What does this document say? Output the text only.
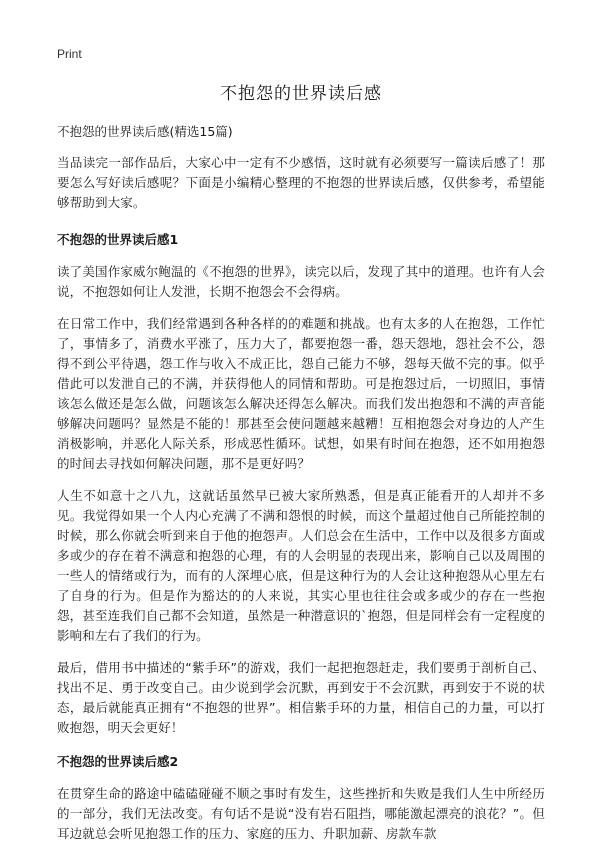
Print
不抱怨的世界读后感
不抱怨的世界读后感(精选15篇)

当品读完一部作品后，大家心中一定有不少感悟，这时就有必须要写一篇读后感了！那要怎么写好读后感呢？下面是小编精心整理的不抱怨的世界读后感，仅供参考，希望能够帮助到大家。

不抱怨的世界读后感1

读了美国作家威尔鲍温的《不抱怨的世界》，读完以后，发现了其中的道理。也许有人会说，不抱怨如何让人发泄，长期不抱怨会不会得病。

在日常工作中，我们经常遇到各种各样的的难题和挑战。也有太多的人在抱怨，工作忙了，事情多了，消费水平涨了，压力大了，都要抱怨一番，怨天怨地，怨社会不公，怨得不到公平待遇，怨工作与收入不成正比，怨自己能力不够，怨每天做不完的事。似乎借此可以发泄自己的不满，并获得他人的同情和帮助。可是抱怨过后，一切照旧，事情该怎么做还是怎么做，问题该怎么解决还得怎么解决。而我们发出抱怨和不满的声音能够解决问题吗？显然是不能的！那甚至会使问题越来越糟！互相抱怨会对身边的人产生消极影响，并恶化人际关系，形成恶性循环。试想，如果有时间在抱怨，还不如用抱怨的时间去寻找如何解决问题，那不是更好吗？

人生不如意十之八九，这就话虽然早已被大家所熟悉，但是真正能看开的人却并不多见。我觉得如果一个人内心充满了不满和怨恨的时候，而这个量超过他自己所能控制的时候，那么你就会听到来自于他的抱怨声。人们总会在生活中，工作中以及很多方面或多或少的存在着不满意和抱怨的心理，有的人会明显的表现出来，影响自己以及周围的一些人的情绪或行为，而有的人深埋心底，但是这种行为的人会让这种抱怨从心里左右了自身的行为。但是作为豁达的的人来说，其实心里也往往会或多或少的存在一些抱怨，甚至连我们自己都不会知道，虽然是一种潜意识的`抱怨，但是同样会有一定程度的影响和左右了我们的行为。

最后，借用书中描述的“紫手环”的游戏，我们一起把抱怨赶走，我们要勇于剖析自己、找出不足、勇于改变自己。由少说到学会沉默，再到安于不会沉默，再到安于不说的状态，最后就能真正拥有“不抱怨的世界”。相信紫手环的力量，相信自己的力量，可以打败抱怨，明天会更好！

不抱怨的世界读后感2

在贯穿生命的路途中磕磕碰碰不顺之事时有发生，这些挫折和失败是我们人生中所经历的一部分，我们无法改变。有句话不是说“没有岩石阻挡，哪能激起漂亮的浪花？”。但耳边就总会听见抱怨工作的压力、家庭的压力、升职加薪、房款车款
